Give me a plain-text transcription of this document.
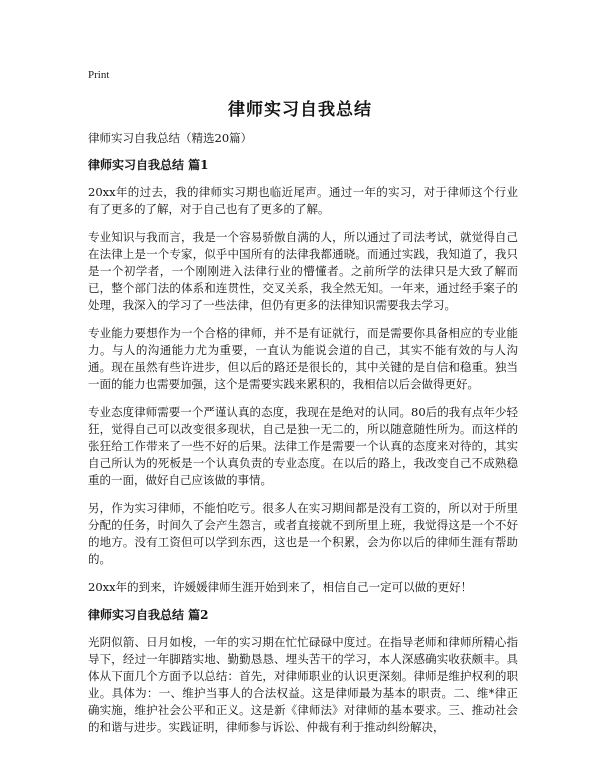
Print
律师实习自我总结
律师实习自我总结（精选20篇）
律师实习自我总结 篇1

20xx年的过去，我的律师实习期也临近尾声。通过一年的实习，对于律师这个行业有了更多的了解，对于自己也有了更多的了解。

专业知识与我而言，我是一个容易骄傲自满的人，所以通过了司法考试，就觉得自己在法律上是一个专家，似乎中国所有的法律我都通晓。而通过实践，我知道了，我只是一个初学者，一个刚刚进入法律行业的懵懂者。之前所学的法律只是大致了解而已，整个部门法的体系和连贯性，交叉关系，我全然无知。一年来，通过经手案子的处理，我深入的学习了一些法律，但仍有更多的法律知识需要我去学习。

专业能力要想作为一个合格的律师，并不是有证就行，而是需要你具备相应的专业能力。与人的沟通能力尤为重要，一直认为能说会道的自己，其实不能有效的与人沟通。现在虽然有些许进步，但以后的路还是很长的，其中关键的是自信和稳重。独当一面的能力也需要加强，这个是需要实践来累积的，我相信以后会做得更好。

专业态度律师需要一个严谨认真的态度，我现在是绝对的认同。80后的我有点年少轻狂，觉得自己可以改变很多现状，自己是独一无二的，所以随意随性所为。而这样的张狂给工作带来了一些不好的后果。法律工作是需要一个认真的态度来对待的，其实自己所认为的死板是一个认真负责的专业态度。在以后的路上，我改变自己不成熟稳重的一面，做好自己应该做的事情。

另，作为实习律师，不能怕吃亏。很多人在实习期间都是没有工资的，所以对于所里分配的任务，时间久了会产生怨言，或者直接就不到所里上班，我觉得这是一个不好的地方。没有工资但可以学到东西，这也是一个积累，会为你以后的律师生涯有帮助的。

20xx年的到来，许媛媛律师生涯开始到来了，相信自己一定可以做的更好！

律师实习自我总结 篇2

光阴似箭、日月如梭，一年的实习期在忙忙碌碌中度过。在指导老师和律师所精心指导下，经过一年脚踏实地、勤勤恳恳、埋头苦干的学习，本人深感确实收获颇丰。具体从下面几个方面予以总结：首先，对律师职业的认识更深刻。律师是维护权利的职业。具体为：一、维护当事人的合法权益。这是律师最为基本的职责。二、维*律正确实施，维护社会公平和正义。这是新《律师法》对律师的基本要求。三、推动社会的和谐与进步。实践证明，律师参与诉讼、仲裁有利于推动纠纷解决，
